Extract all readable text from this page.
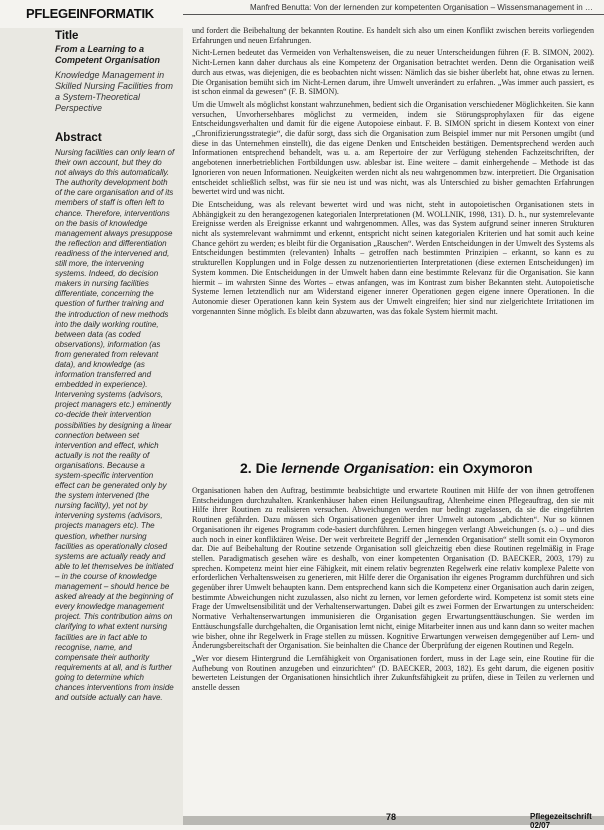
PFLEGEINFORMATIK	Manfred Benutta: Von der lernenden zur kompetenten Organisation – Wissensmanagement in …
Title
From a Learning to a Competent Organisation
Knowledge Management in Skilled Nursing Facilities from a System-Theoretical Perspective
Abstract
Nursing facilities can only learn of their own account, but they do not always do this automatically. The authority development both of the care organisation and of its members of staff is often left to chance. Therefore, interventions on the basis of knowledge management always presuppose the reflection and differentiation readiness of the intervened and, still more, the intervening systems. Indeed, do decision makers in nursing facilities differentiate, concerning the question of further training and the introduction of new methods into the daily working routine, between data (as coded observations), information (as from generated from relevant data), and knowledge (as information transferred and embedded in experience). Intervening systems (advisors, project managers etc.) eminently co-decide their intervention possibilities by designing a linear connection between set intervention and effect, which actually is not the reality of organisations. Because a system-specific intervention effect can be generated only by the system intervened (the nursing facility), yet not by intervening systems (advisors, projects managers etc). The question, whether nursing facilities as operationally closed systems are actually ready and able to let themselves be initiated – in the course of knowledge management – should hence be asked already at the beginning of every knowledge management project. This contribution aims on clarifying to what extent nursing facilities are in fact able to recognise, name, and compensate their authority requirements at all, and is further going to determine which chances interventions from inside and outside actually can have.

und fordert die Beibehaltung der bekannten Routine. Es handelt sich also um einen Konflikt zwischen bereits vorliegenden Erfahrungen und neuen Erfahrungen.

Nicht-Lernen bedeutet das Vermeiden von Verhaltensweisen, die zu neuer Unterscheidungen führen (F. B. SIMON, 2002). Nicht-Lernen kann daher durchaus als eine Kompetenz der Organisation betrachtet werden. Denn die Organisation weiß durch aus etwas, was diejenigen, die es beobachten nicht wissen: Nämlich das sie bisher überlebt hat, ohne etwas zu lernen. Die Organisation bemüht sich im Nicht-Lernen darum, ihre Umwelt unverändert zu erfahren. „Was immer auch passiert, es ist schon einmal da gewesen“ (F. B. SIMON).

Um die Umwelt als möglichst konstant wahrzunehmen, bedient sich die Organisation verschiedener Möglichkeiten. Sie kann versuchen, Unvorhersehbares möglichst zu vermeiden, indem sie Störungsprophylaxen für das eigene Entscheidungsverhalten und damit für die eigene Autopoiese einbaut. F. B. SIMON spricht in diesem Kontext von einer „Chronifizierungsstrategie“, die dafür sorgt, dass sich die Organisation zum Beispiel immer nur mit Personen umgibt (und diese in das Unternehmen einstellt), die das eigene Denken und Entscheiden bestätigen. Dementsprechend werden auch Informationen entsprechend behandelt, was u. a. am Repertoire der zur Verfügung stehenden Fachzeitschriften, der angebotenen innerbetrieblichen Fortbildungen usw. ablesbar ist. Eine weitere – damit einhergehende – Methode ist das Ignorieren von neuen Informationen. Neuigkeiten werden nicht als neu wahrgenommen bzw. interpretiert. Die Organisation entscheidet schließlich selbst, was für sie neu ist und was nicht, was als Unterschied zu bisher gemachten Erfahrungen bewertet wird und was nicht.

Die Entscheidung, was als relevant bewertet wird und was nicht, steht in autopoietischen Organisationen stets in Abhängigkeit zu den herangezogenen kategorialen Interpretationen (M. WOLLNIK, 1998, 131). D. h., nur systemrelevante Ereignisse werden als Ereignisse erkannt und wahrgenommen. Alles, was das System aufgrund seiner inneren Strukturen nicht als systemrelevant wahrnimmt und erkennt, entspricht nicht seinen kategorialen Kriterien und hat somit auch keine Chance gehört zu werden; es bleibt für die Organisation „Rauschen“. Werden Entscheidungen in der Umwelt des Systems als Entscheidungen bestimmten (relevanten) Inhalts – getroffen nach bestimmten Prinzipien – erkannt, so kann es zu strukturellen Kopplungen und in Folge dessen zu nutzenorientierten Interpretationen (diese externen Entscheidungen) im System kommen. Die Entscheidungen in der Umwelt haben dann eine bestimmte Relevanz für die Organisation. Sie kann hiermit – im wahrsten Sinne des Wortes – etwas anfangen, was im Kontrast zum bisher Bekannten steht. Autopoietische Systeme lernen letztendlich nur am Widerstand eigener innerer Operationen gegen eigene innere Operationen. In die Autonomie dieser Operationen kann kein System aus der Umwelt eingreifen; hier sind nur zielgerichtete Irritationen im vorgenannten Sinne möglich. Es bleibt dann abzuwarten, was das fokale System hiermit macht.

2. Die lernende Organisation: ein Oxymoron

Organisationen haben den Auftrag, bestimmte beabsichtigte und erwartete Routinen mit Hilfe der von ihnen getroffenen Entscheidungen durchzuhalten. Krankenhäuser haben einen Heilungsauftrag, Altenheime einen Pflegeauftrag, den sie mit Hilfe ihrer Routinen zu realisieren versuchen. Abweichungen werden nur bedingt zugelassen, da sie die eingeführten Routinen gefährden. Dazu müssen sich Organisationen gegenüber ihrer Umwelt autonom „abdichten“. Nur so können Organisationen ihr eigenes Programm code-basiert durchführen. Lernen hingegen verlangt Abweichungen (s. o.) – und dies auch noch in einer konfliktären Weise. Der weit verbreitete Begriff der „lernenden Organisation“ stellt somit ein Oxymoron dar. Die auf Beibehaltung der Routine setzende Organisation soll gleichzeitig eben diese Routinen regelmäßig in Frage stellen. Paradigmatisch gesehen wäre es deshalb, von einer kompetenten Organisation (D. BAECKER, 2003, 179) zu sprechen. Kompetenz meint hier eine Fähigkeit, mit einem relativ begrenzten Regelwerk eine relativ komplexe Palette von erforderlichen Verhaltensweisen zu generieren, mit Hilfe derer die Organisation ihr eigenes Programm durchführen und sich gegenüber ihrer Umwelt behaupten kann. Dem entsprechend kann sich die Kompetenz einer Organisation auch darin zeigen, bestimmte Abweichungen nicht zuzulassen, also nicht zu lernen, vor lernen geforderte wird. Kompetenz ist somit stets eine Frage der Umweltsensibilität und der Verhaltenserwartungen. Dabei gilt es zwei Formen der Erwartungen zu unterscheiden: Normative Verhaltenserwartungen immunisieren die Organisation gegen Erwartungsenttäuschungen. Sie werden im Enttäuschungsfalle durchgehalten, die Organisation lernt nicht, einige Mitarbeiter innen aus und kann dann so weiter machen wie bisher, ohne ihr Regelwerk in Frage stellen zu müssen. Kognitive Erwartungen verweisen demgegenüber auf Lern- und Änderungsbereitschaft der Organisation. Sie beinhalten die Chance der Überprüfung der eigenen Routinen und Regeln.

„Wer vor diesem Hintergrund die Lernfähigkeit von Organisationen fordert, muss in der Lage sein, eine Routine für die Aufhebung von Routinen anzugeben und einzurichten“ (D. BAECKER, 2003, 182). Es geht darum, die eigenen positiv bewerteten Leistungen der Organisationen hinsichtlich ihrer Zukunftsfähigkeit zu prüfen, diese in Teilen zu verlernen und anstelle dessen

78	Pflegezeitschrift 02/07
